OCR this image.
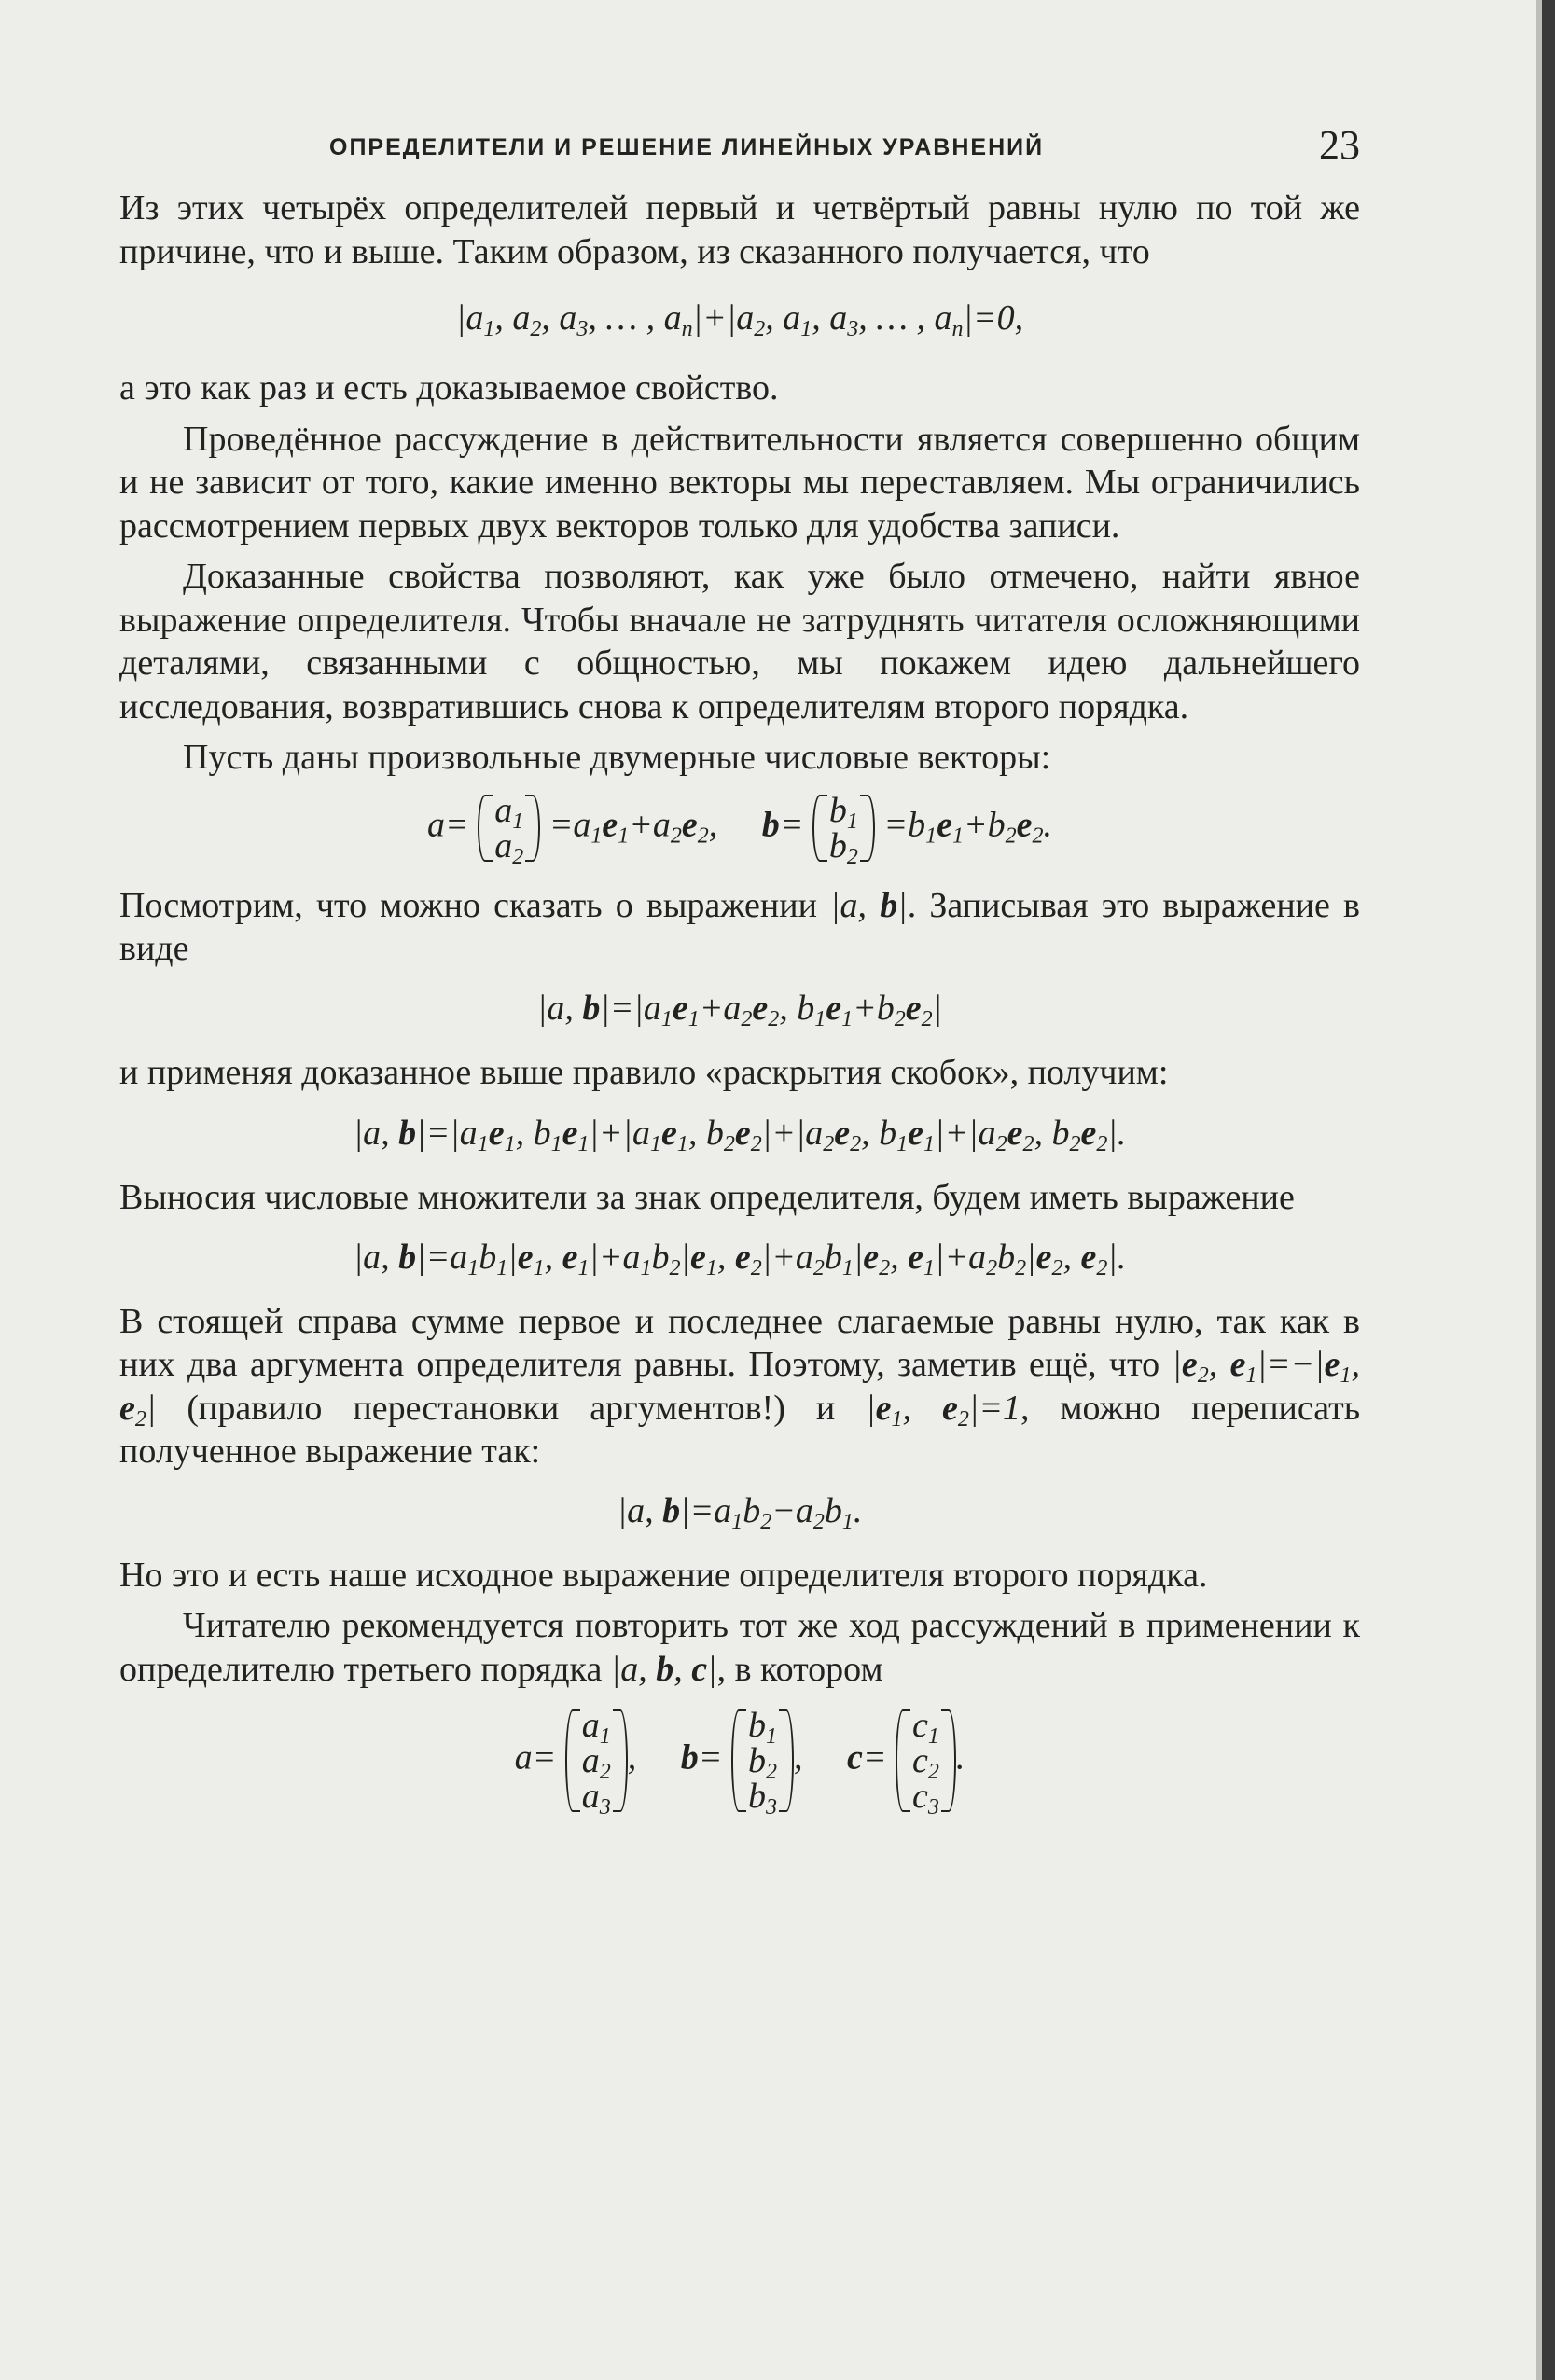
ОПРЕДЕЛИТЕЛИ И РЕШЕНИЕ ЛИНЕЙНЫХ УРАВНЕНИЙ	23

Из этих четырёх определителей первый и четвёртый равны нулю по той же причине, что и выше. Таким образом, из сказанного получается, что

$|a_1$, $a_2$, $a_3$, … , $a_n|+|a_2$, $a_1$, $a_3$, … , $a_n|=0$,

а это как раз и есть доказываемое свойство.

Проведённое рассуждение в действительности является совершенно общим и не зависит от того, какие именно векторы мы переставляем. Мы ограничились рассмотрением первых двух векторов только для удобства записи.

Доказанные свойства позволяют, как уже было отмечено, найти явное выражение определителя. Чтобы вначале не затруднять читателя осложняющими деталями, связанными с общностью, мы покажем идею дальнейшего исследования, возвратившись снова к определителям второго порядка.

Пусть даны произвольные двумерные числовые векторы:

$a= a_1$
$a_2$
$=a_1e_1+a_2e_2$,     $b= b_1$
$b_2$
$=b_1e_1+b_2e_2$.

Посмотрим, что можно сказать о выражении |a, b|. Записывая это выражение в виде

|a, $b|=|a_1e_1+a_2e_2$, $b_1e_1+b_2e_2|$

и применяя доказанное выше правило «раскрытия скобок», получим:

|a, $b|=|a_1e_1$, $b_1e_1|+|a_1e_1$, $b_2e_2|+|a_2e_2$, $b_1e_1|+|a_2e_2$, $b_2e_2|$.

Выносия числовые множители за знак определителя, будем иметь выражение

|a, $b|=a_1b_1|e_1$, $e_1|+a_1b_2|e_1$, $e_2|+a_2b_1|e_2$, $e_1|+a_2b_2|e_2$, $e_2|$.

В стоящей справа сумме первое и последнее слагаемые равны нулю, так как в них два аргумента определителя равны. Поэтому, заметив ещё, что $|e_2$, $e_1|=-|e_1$, $e_2|$ (правило перестановки аргументов!) и $|e_1$, $e_2|=1$, можно переписать полученное выражение так:

|a, $b|=a_1b_2-a_2b_1$.

Но это и есть наше исходное выражение определителя второго порядка.

Читателю рекомендуется повторить тот же ход рассуждений в применении к определителю третьего порядка |a, b, c|, в котором

a=
$a_1$
$a_2$
$a_3$
,     b=
$b_1$
$b_2$
$b_3$
,     c=
$c_1$
$c_2$
$c_3$
.
